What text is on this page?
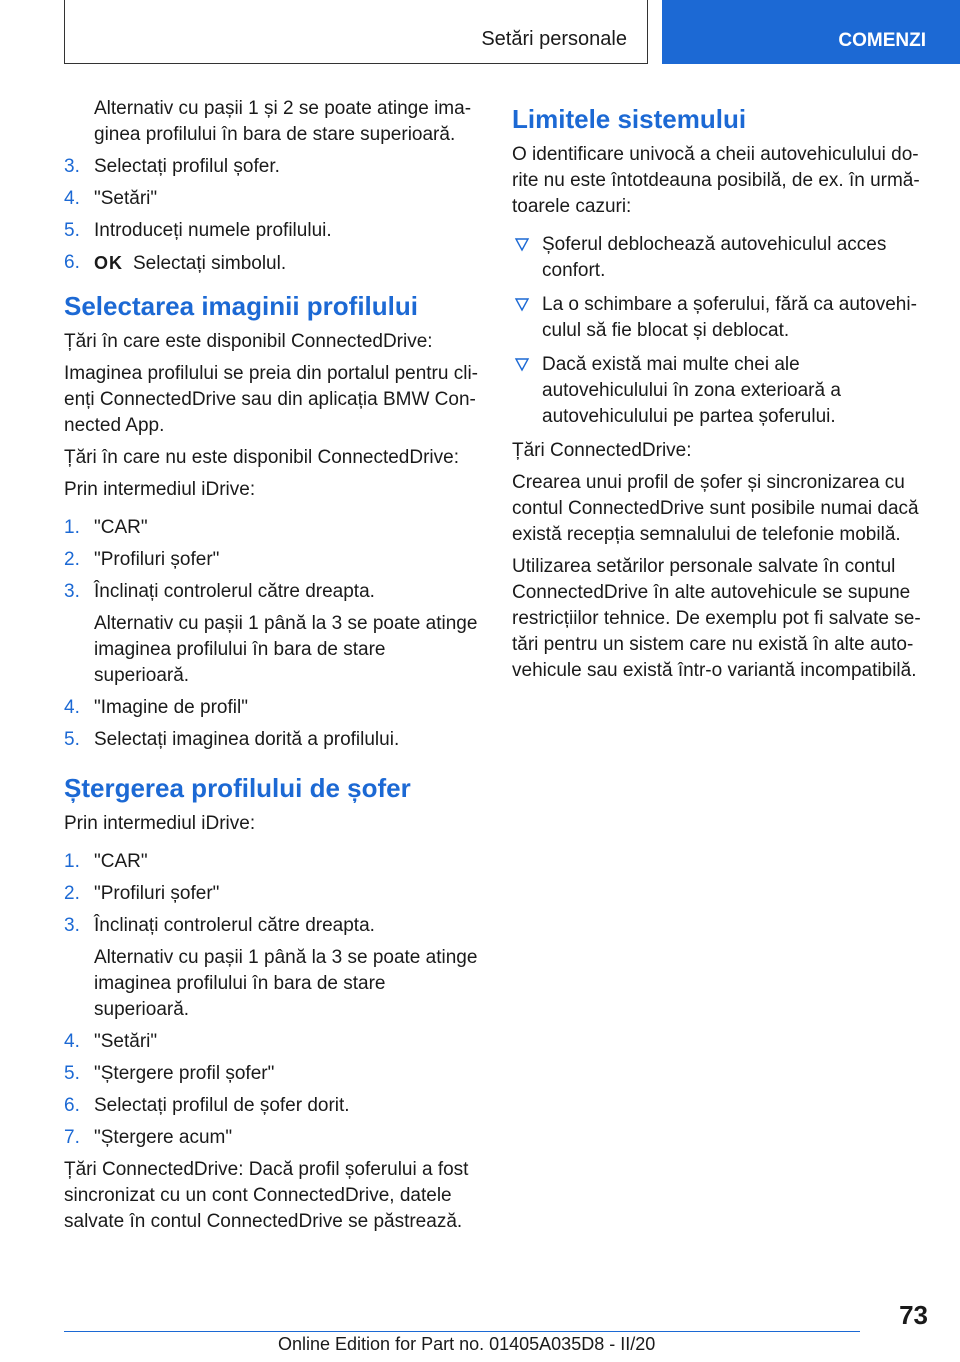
Setări personale	COMENZI

Alternativ cu pașii 1 și 2 se poate atinge ima‐ginea profilului în bara de stare superioară.

3. Selectați profilul șofer.
4. "Setări"
5. Introduceți numele profilului.
6. OK Selectați simbolul.
Selectarea imaginii profilului

Țări în care este disponibil ConnectedDrive:

Imaginea profilului se preia din portalul pentru cli‐enți ConnectedDrive sau din aplicația BMW Con‐nected App.

Țări în care nu este disponibil ConnectedDrive:

Prin intermediul iDrive:

1. "CAR"
2. "Profiluri șofer"
3. Înclinați controlerul către dreapta.

Alternativ cu pașii 1 până la 3 se poate atinge imaginea profilului în bara de stare superioară.

4. "Imagine de profil"
5. Selectați imaginea dorită a profilului.
Ștergerea profilului de șofer

Prin intermediul iDrive:

1. "CAR"
2. "Profiluri șofer"
3. Înclinați controlerul către dreapta.

Alternativ cu pașii 1 până la 3 se poate atinge imaginea profilului în bara de stare superioară.

4. "Setări"
5. "Ștergere profil șofer"
6. Selectați profilul de șofer dorit.
7. "Ștergere acum"

Țări ConnectedDrive: Dacă profil șoferului a fost sincronizat cu un cont ConnectedDrive, datele salvate în contul ConnectedDrive se păstrează.

Limitele sistemului

O identificare univocă a cheii autovehiculului do‐rite nu este întotdeauna posibilă, de ex. în urmă‐toarele cazuri:

Șoferul deblochează autovehiculul acces confort.
La o schimbare a șoferului, fără ca autovehi‐culul să fie blocat și deblocat.
Dacă există mai multe chei ale autovehiculului în zona exterioară a autovehiculului pe partea șoferului.

Țări ConnectedDrive:

Crearea unui profil de șofer și sincronizarea cu contul ConnectedDrive sunt posibile numai dacă există recepția semnalului de telefonie mobilă.

Utilizarea setărilor personale salvate în contul ConnectedDrive în alte autovehicule se supune restricțiilor tehnice. De exemplu pot fi salvate se‐tări pentru un sistem care nu există în alte auto‐vehicule sau există într-o variantă incompatibilă.

73
Online Edition for Part no. 01405A035D8 - II/20
